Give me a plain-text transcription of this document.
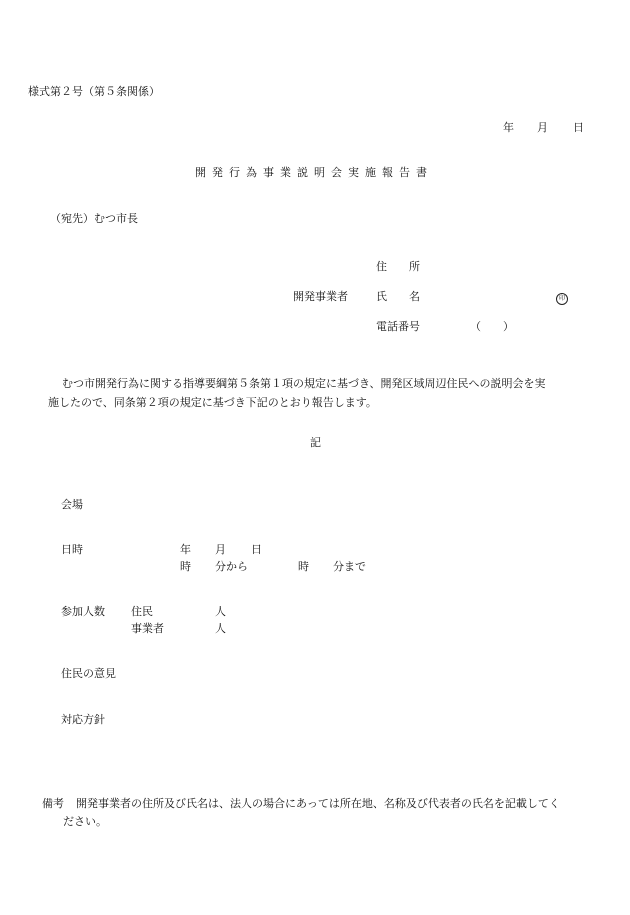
様式第２号（第５条関係）
年 月 日
開発行為事業説明会実施報告書
（宛先）むつ市長
住　　所
開発事業者	氏　　名	印
電話番号	（　　）
むつ市開発行為に関する指導要綱第５条第１項の規定に基づき、開発区域周辺住民への説明会を実
施したので、同条第２項の規定に基づき下記のとおり報告します。
記
会場
日時	年 月 日
時 分から	時 分まで
参加人数 住民	人
事業者	人
住民の意見
対応方針
備考 開発事業者の住所及び氏名は、法人の場合にあっては所在地、名称及び代表者の氏名を記載してく
ださい。
